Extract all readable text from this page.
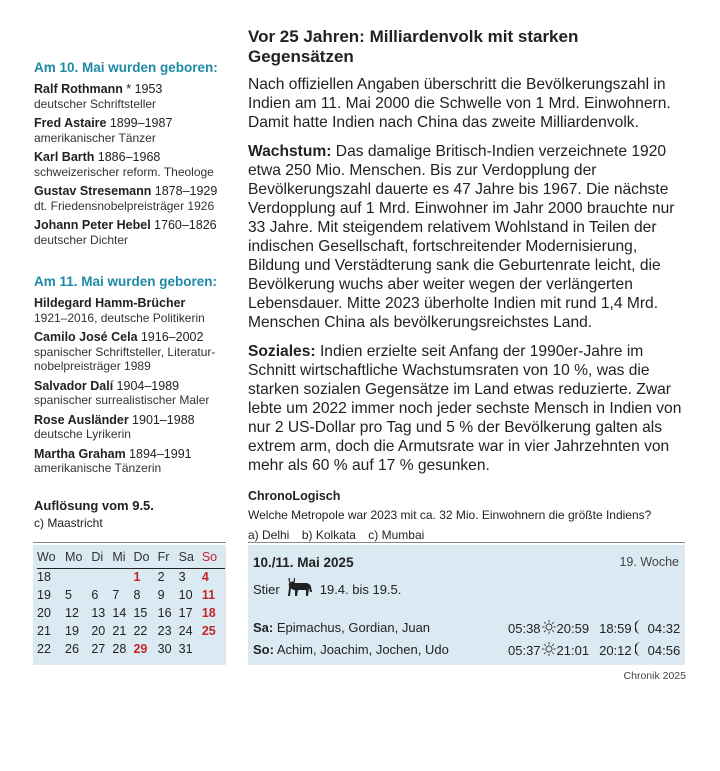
Am 10. Mai wurden geboren:
Ralf Rothmann * 1953
deutscher Schriftsteller
Fred Astaire 1899–1987
amerikanischer Tänzer
Karl Barth 1886–1968
schweizerischer reform. Theologe
Gustav Stresemann 1878–1929
dt. Friedensnobelpreisträger 1926
Johann Peter Hebel 1760–1826
deutscher Dichter
Am 11. Mai wurden geboren:
Hildegard Hamm-Brücher
1921–2016, deutsche Politikerin
Camilo José Cela 1916–2002
spanischer Schriftsteller, Literatur-
nobelpreisträger 1989
Salvador Dalí 1904–1989
spanischer surrealistischer Maler
Rose Ausländer 1901–1988
deutsche Lyrikerin
Martha Graham 1894–1991
amerikanische Tänzerin
Auflösung vom 9.5.
c) Maastricht
Vor 25 Jahren: Milliardenvolk mit starken Gegensätzen

Nach offiziellen Angaben überschritt die Bevölkerungszahl in Indien am 11. Mai 2000 die Schwelle von 1 Mrd. Einwohnern. Damit hatte Indien nach China das zweite Milliardenvolk.

Wachstum: Das damalige Britisch-Indien verzeichnete 1920 etwa 250 Mio. Menschen. Bis zur Verdopplung der Bevölkerungszahl dauerte es 47 Jahre bis 1967. Die nächste Verdopplung auf 1 Mrd. Einwohner im Jahr 2000 brauchte nur 33 Jahre. Mit steigendem relativem Wohlstand in Teilen der indischen Gesellschaft, fortschreitender Modernisierung, Bildung und Verstädterung sank die Geburtenrate leicht, die Bevölkerung wuchs aber weiter wegen der verlängerten Lebensdauer. Mitte 2023 überholte Indien mit rund 1,4 Mrd. Menschen China als bevölkerungsreichstes Land.

Soziales: Indien erzielte seit Anfang der 1990er-Jahre im Schnitt wirtschaftliche Wachstumsraten von 10 %, was die starken sozialen Gegensätze im Land etwas reduzierte. Zwar lebte um 2022 immer noch jeder sechste Mensch in Indien von nur 2 US-Dollar pro Tag und 5 % der Bevölkerung galten als extrem arm, doch die Armutsrate war in vier Jahrzehnten von mehr als 60 % auf 17 % gesunken.

ChronoLogisch
Welche Metropole war 2023 mit ca. 32 Mio. Einwohnern die größte Indiens?
a) Delhi b) Kolkata c) Mumbai
Wo	Mo	Di	Mi	Do	Fr	Sa	So
18				1	2	3	4
19	5	6	7	8	9	10	11
20	12	13	14	15	16	17	18
21	19	20	21	22	23	24	25
22	26	27	28	29	30	31	
10./11. Mai 2025	19. Woche
Stier	19.4. bis 19.5.
Sa: Epimachus, Gordian, Juan	05:38 20:59 18:59 04:32
So: Achim, Joachim, Jochen, Udo	05:37 21:01 20:12 04:56
Chronik 2025
